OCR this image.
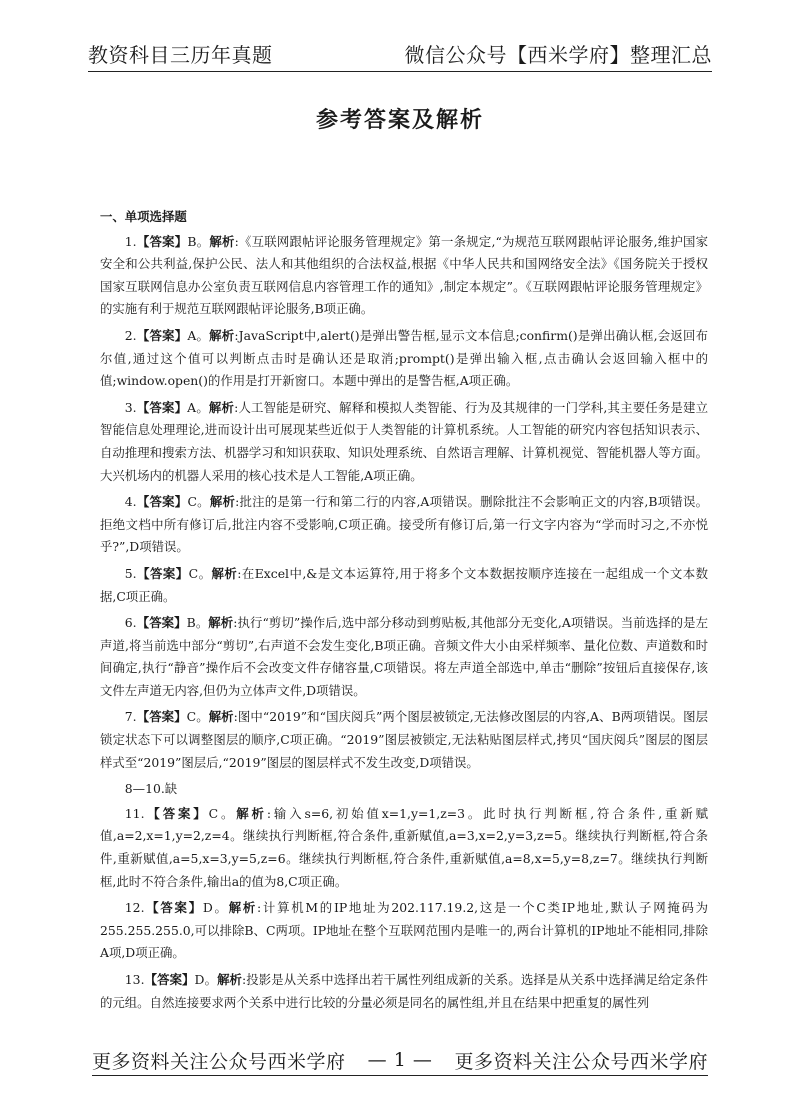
教资科目三历年真题	微信公众号【西米学府】整理汇总
参考答案及解析
一、单项选择题

1.【答案】B。解析:《互联网跟帖评论服务管理规定》第一条规定,“为规范互联网跟帖评论服务,维护国家安全和公共利益,保护公民、法人和其他组织的合法权益,根据《中华人民共和国网络安全法》《国务院关于授权国家互联网信息办公室负责互联网信息内容管理工作的通知》,制定本规定”。《互联网跟帖评论服务管理规定》的实施有利于规范互联网跟帖评论服务,B项正确。

2.【答案】A。解析:JavaScript中,alert()是弹出警告框,显示文本信息;confirm()是弹出确认框,会返回布尔值,通过这个值可以判断点击时是确认还是取消;prompt()是弹出输入框,点击确认会返回输入框中的值;window.open()的作用是打开新窗口。本题中弹出的是警告框,A项正确。

3.【答案】A。解析:人工智能是研究、解释和模拟人类智能、行为及其规律的一门学科,其主要任务是建立智能信息处理理论,进而设计出可展现某些近似于人类智能的计算机系统。人工智能的研究内容包括知识表示、自动推理和搜索方法、机器学习和知识获取、知识处理系统、自然语言理解、计算机视觉、智能机器人等方面。大兴机场内的机器人采用的核心技术是人工智能,A项正确。

4.【答案】C。解析:批注的是第一行和第二行的内容,A项错误。删除批注不会影响正文的内容,B项错误。拒绝文档中所有修订后,批注内容不受影响,C项正确。接受所有修订后,第一行文字内容为“学而时习之,不亦悦乎?”,D项错误。

5.【答案】C。解析:在Excel中,&是文本运算符,用于将多个文本数据按顺序连接在一起组成一个文本数据,C项正确。

6.【答案】B。解析:执行“剪切”操作后,选中部分移动到剪贴板,其他部分无变化,A项错误。当前选择的是左声道,将当前选中部分“剪切”,右声道不会发生变化,B项正确。音频文件大小由采样频率、量化位数、声道数和时间确定,执行“静音”操作后不会改变文件存储容量,C项错误。将左声道全部选中,单击“删除”按钮后直接保存,该文件左声道无内容,但仍为立体声文件,D项错误。

7.【答案】C。解析:图中“2019”和“国庆阅兵”两个图层被锁定,无法修改图层的内容,A、B两项错误。图层锁定状态下可以调整图层的顺序,C项正确。“2019”图层被锁定,无法粘贴图层样式,拷贝“国庆阅兵”图层的图层样式至“2019”图层后,“2019”图层的图层样式不发生改变,D项错误。

8—10.缺

11.【答案】C。解析:输入s=6,初始值x=1,y=1,z=3。此时执行判断框,符合条件,重新赋值,a=2,x=1,y=2,z=4。继续执行判断框,符合条件,重新赋值,a=3,x=2,y=3,z=5。继续执行判断框,符合条件,重新赋值,a=5,x=3,y=5,z=6。继续执行判断框,符合条件,重新赋值,a=8,x=5,y=8,z=7。继续执行判断框,此时不符合条件,输出a的值为8,C项正确。

12.【答案】D。解析:计算机M的IP地址为202.117.19.2,这是一个C类IP地址,默认子网掩码为255.255.255.0,可以排除B、C两项。IP地址在整个互联网范围内是唯一的,两台计算机的IP地址不能相同,排除A项,D项正确。

13.【答案】D。解析:投影是从关系中选择出若干属性列组成新的关系。选择是从关系中选择满足给定条件的元组。自然连接要求两个关系中进行比较的分量必须是同名的属性组,并且在结果中把重复的属性列

更多资料关注公众号西米学府 — 1 — 更多资料关注公众号西米学府
